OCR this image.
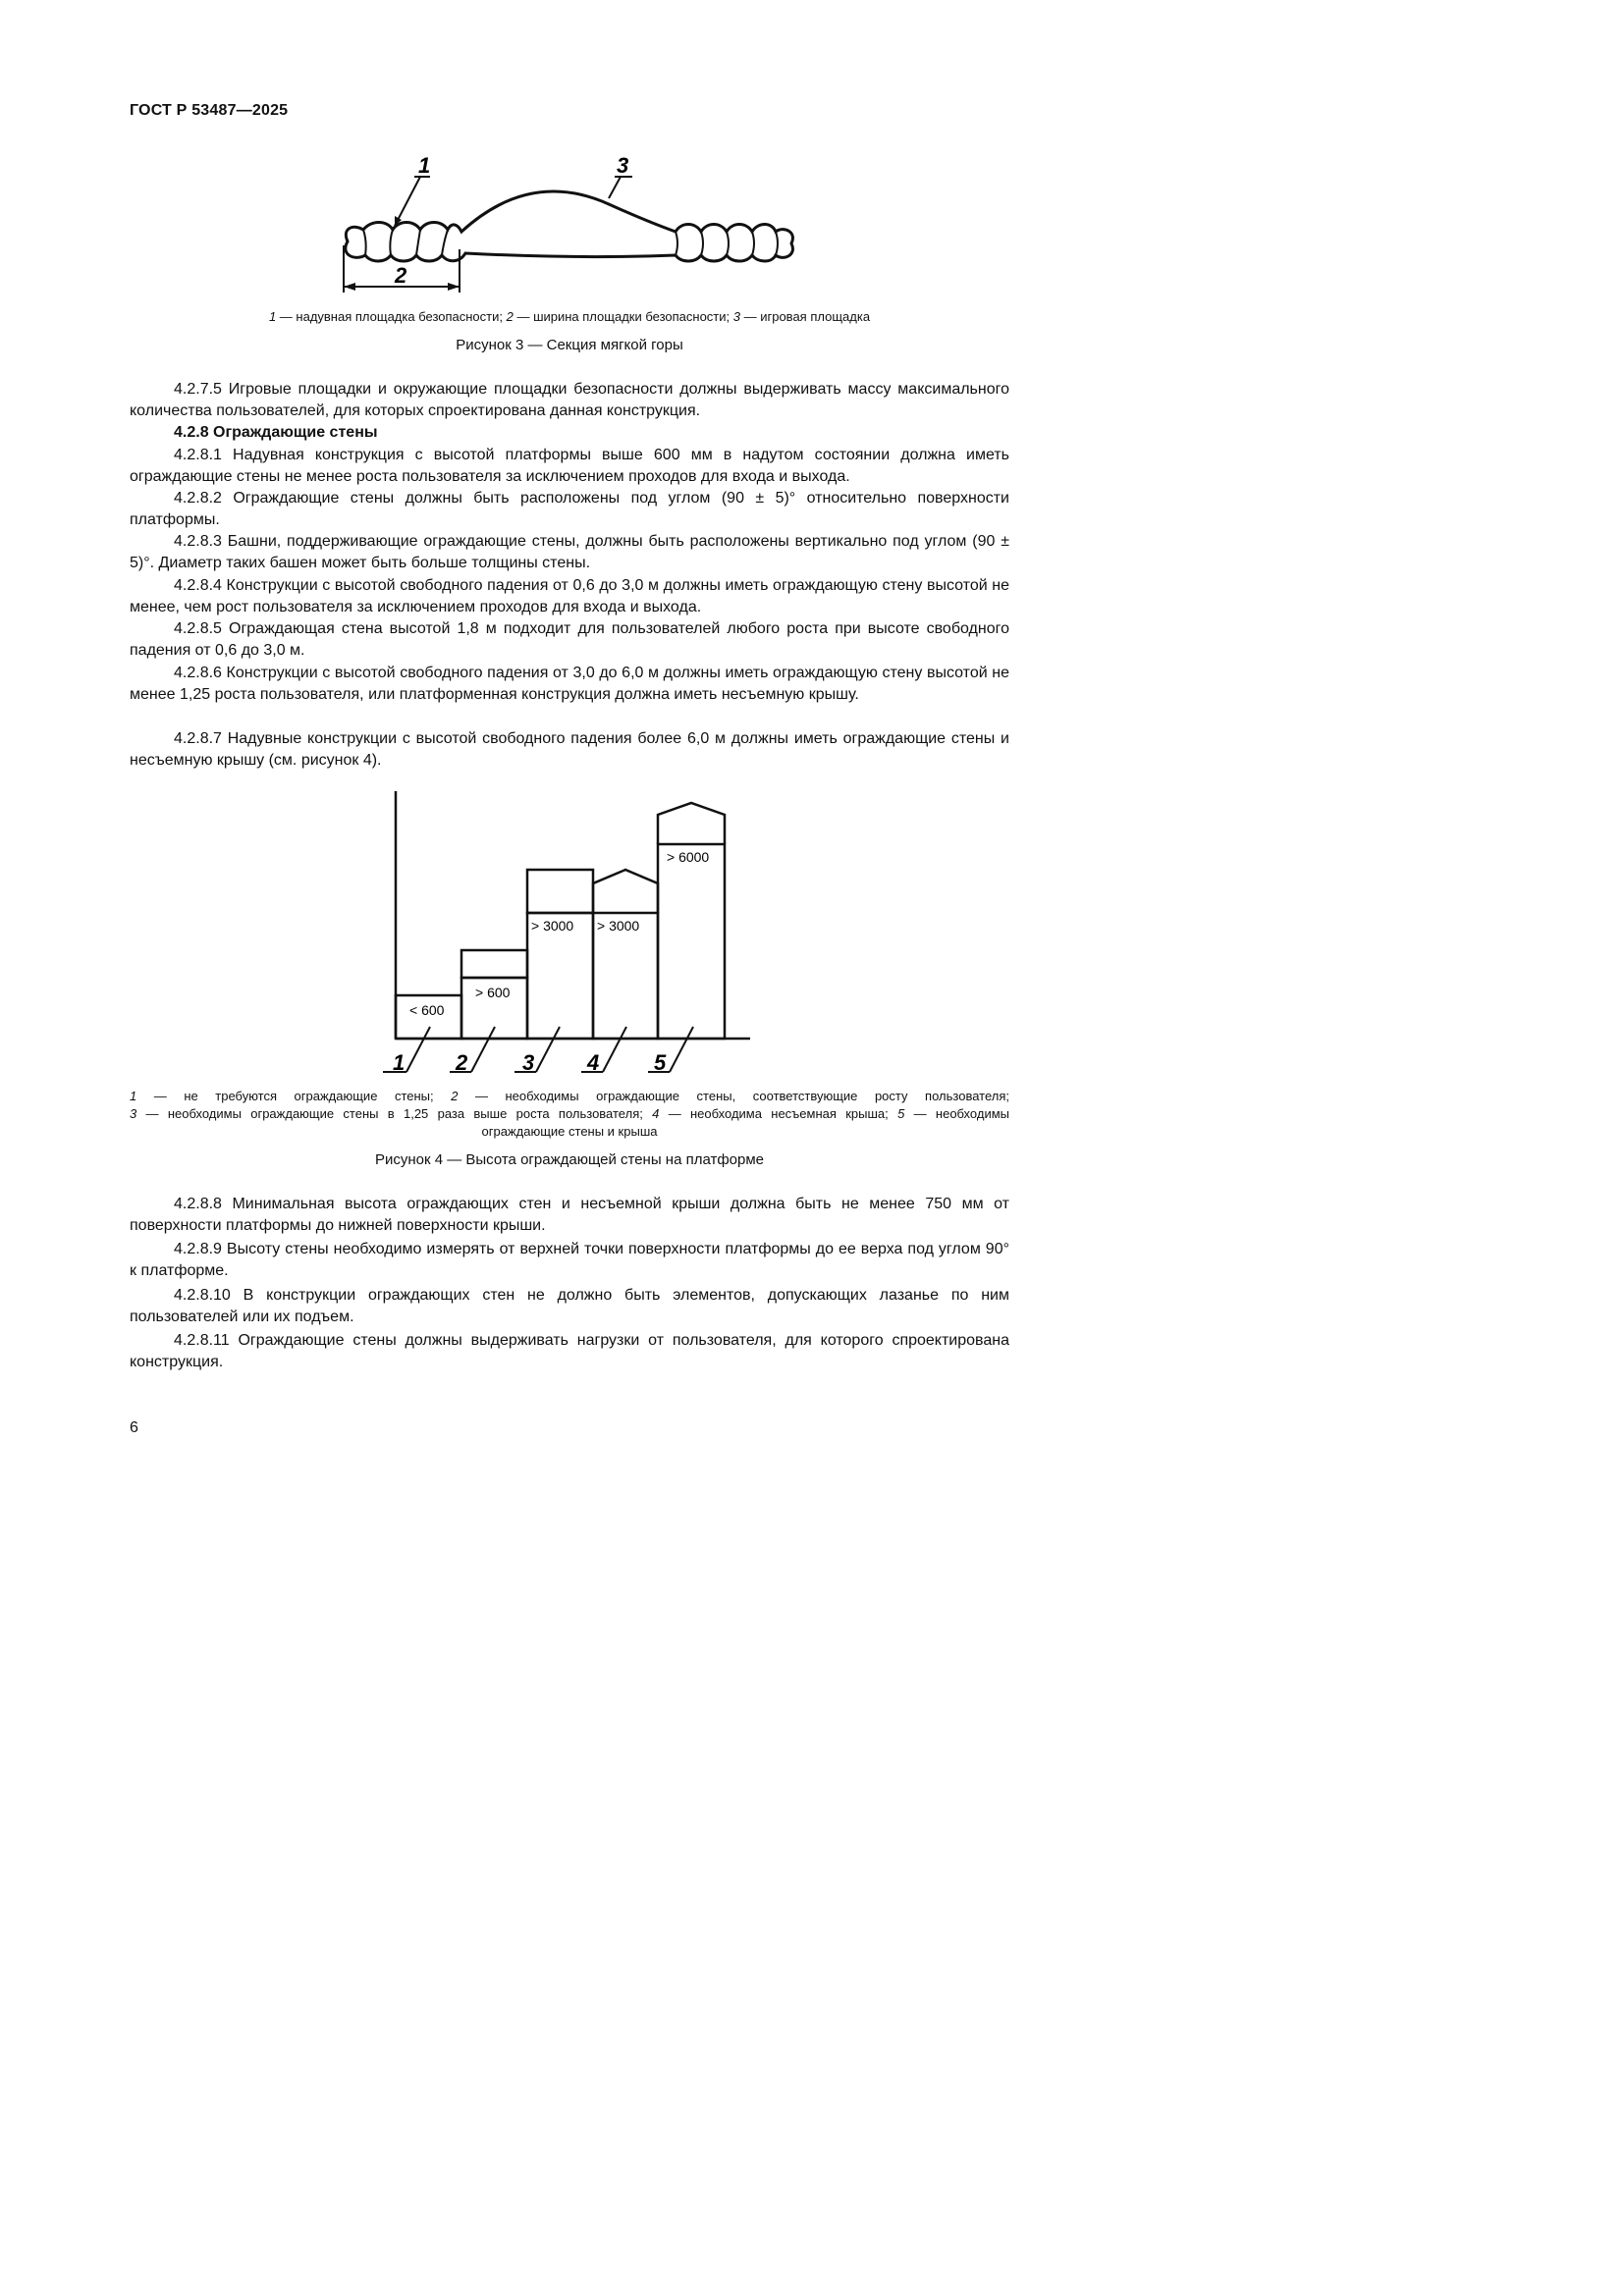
ГОСТ Р 53487—2025
1	3
2
1 — надувная площадка безопасности; 2 — ширина площадки безопасности; 3 — игровая площадка
Рисунок 3 — Секция мягкой горы

4.2.7.5 Игровые площадки и окружающие площадки безопасности должны выдерживать массу максимального количества пользователей, для которых спроектирована данная конструкция.

4.2.8 Ограждающие стены

4.2.8.1 Надувная конструкция с высотой платформы выше 600 мм в надутом состоянии должна иметь ограждающие стены не менее роста пользователя за исключением проходов для входа и выхода.

4.2.8.2 Ограждающие стены должны быть расположены под углом (90 ± 5)° относительно поверхности платформы.

4.2.8.3 Башни, поддерживающие ограждающие стены, должны быть расположены вертикально под углом (90 ± 5)°. Диаметр таких башен может быть больше толщины стены.

4.2.8.4 Конструкции с высотой свободного падения от 0,6 до 3,0 м должны иметь ограждающую стену высотой не менее, чем рост пользователя за исключением проходов для входа и выхода.

4.2.8.5 Ограждающая стена высотой 1,8 м подходит для пользователей любого роста при высоте свободного падения от 0,6 до 3,0 м.

4.2.8.6 Конструкции с высотой свободного падения от 3,0 до 6,0 м должны иметь ограждающую стену высотой не менее 1,25 роста пользователя, или платформенная конструкция должна иметь несъемную крышу.

4.2.8.7 Надувные конструкции с высотой свободного падения более 6,0 м должны иметь ограждающие стены и несъемную крышу (см. рисунок 4).

< 600
> 600
> 3000 > 3000
> 6000
1 2	3 4	5
1 — не требуются ограждающие стены; 2 — необходимы ограждающие стены, соответствующие росту пользователя;
3 — необходимы ограждающие стены в 1,25 раза выше роста пользователя; 4 — необходима несъемная крыша; 5 — необходимы
ограждающие стены и крыша
Рисунок 4 — Высота ограждающей стены на платформе

4.2.8.8 Минимальная высота ограждающих стен и несъемной крыши должна быть не менее 750 мм от поверхности платформы до нижней поверхности крыши.

4.2.8.9 Высоту стены необходимо измерять от верхней точки поверхности платформы до ее верха под углом 90° к платформе.

4.2.8.10 В конструкции ограждающих стен не должно быть элементов, допускающих лазанье по ним пользователей или их подъем.

4.2.8.11 Ограждающие стены должны выдерживать нагрузки от пользователя, для которого спроектирована конструкция.

6
